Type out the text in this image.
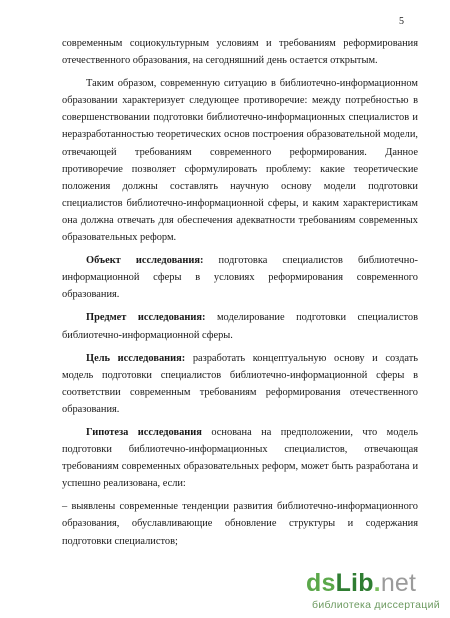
5

современным социокультурным условиям и требованиям реформирования отечественного образования, на сегодняшний день остается открытым.

Таким образом, современную ситуацию в библиотечно-информационном образовании характеризует следующее противоречие: между потребностью в совершенствовании подготовки библиотечно-информационных специалистов и неразработанностью теоретических основ построения образовательной модели, отвечающей требованиям современного реформирования. Данное противоречие позволяет сформулировать проблему: какие теоретические положения должны составлять научную основу модели подготовки специалистов библиотечно-информационной сферы, и каким характеристикам она должна отвечать для обеспечения адекватности требованиям современных образовательных реформ.

Объект исследования: подготовка специалистов библиотечно-информационной сферы в условиях реформирования современного образования.

Предмет исследования: моделирование подготовки специалистов библиотечно-информационной сферы.

Цель исследования: разработать концептуальную основу и создать модель подготовки специалистов библиотечно-информационной сферы в соответствии современным требованиям реформирования отечественного образования.

Гипотеза исследования основана на предположении, что модель подготовки библиотечно-информационных специалистов, отвечающая требованиям современных образовательных реформ, может быть разработана и успешно реализована, если:

– выявлены современные тенденции развития библиотечно-информационного образования, обуславливающие обновление структуры и содержания подготовки специалистов;

dsLib.net
библиотека диссертаций
